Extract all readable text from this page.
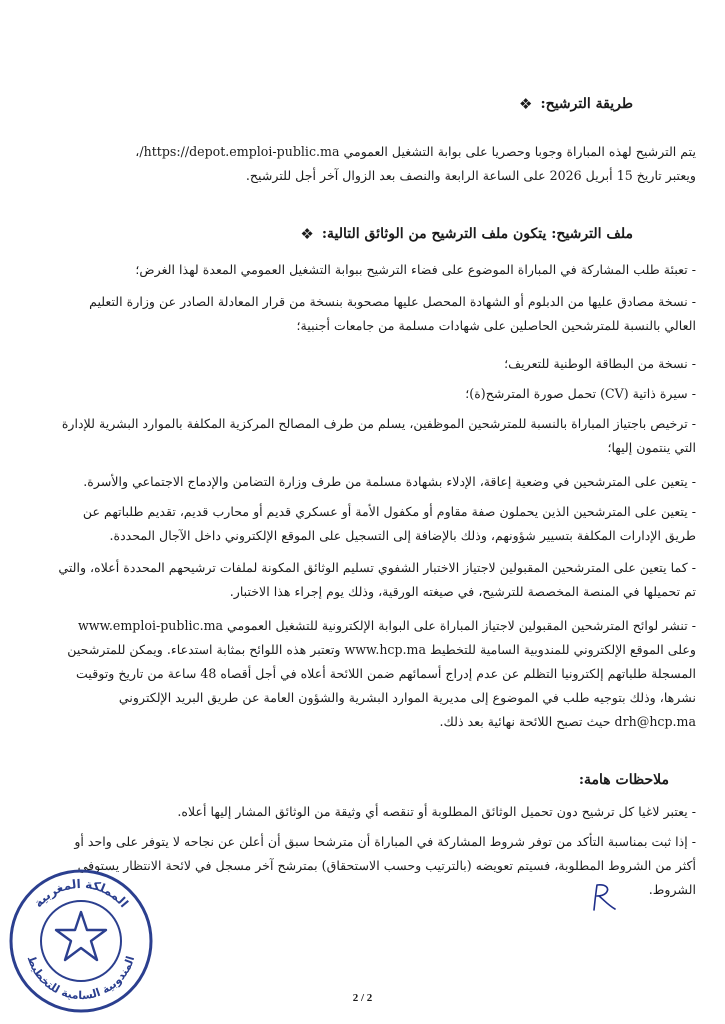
❖ طريقة الترشيح:
يتم الترشيح لهذه المباراة وجوبا وحصريا على بوابة التشغيل العمومي https://depot.emploi-public.ma/،
ويعتبر تاريخ 15 أبريل 2026 على الساعة الرابعة والنصف بعد الزوال آخر أجل للترشيح.
❖ ملف الترشيح: يتكون ملف الترشيح من الوثائق التالية:
- تعبئة طلب المشاركة في المباراة الموضوع على فضاء الترشيح ببوابة التشغيل العمومي المعدة لهذا الغرض؛
- نسخة مصادق عليها من الدبلوم أو الشهادة المحصل عليها مصحوبة بنسخة من قرار المعادلة الصادر عن وزارة التعليم
العالي بالنسبة للمترشحين الحاصلين على شهادات مسلمة من جامعات أجنبية؛
- نسخة من البطاقة الوطنية للتعريف؛
- سيرة ذاتية (CV) تحمل صورة المترشح(ة)؛
- ترخيص باجتياز المباراة بالنسبة للمترشحين الموظفين، يسلم من طرف المصالح المركزية المكلفة بالموارد البشرية للإدارة
التي ينتمون إليها؛
- يتعين على المترشحين في وضعية إعاقة، الإدلاء بشهادة مسلمة من طرف وزارة التضامن والإدماج الاجتماعي والأسرة.
- يتعين على المترشحين الذين يحملون صفة مقاوم أو مكفول الأمة أو عسكري قديم أو محارب قديم، تقديم طلباتهم عن
طريق الإدارات المكلفة بتسيير شؤونهم، وذلك بالإضافة إلى التسجيل على الموقع الإلكتروني داخل الآجال المحددة.
- كما يتعين على المترشحين المقبولين لاجتياز الاختبار الشفوي تسليم الوثائق المكونة لملفات ترشيحهم المحددة أعلاه، والتي
تم تحميلها في المنصة المخصصة للترشيح، في صيغته الورقية، وذلك يوم إجراء هذا الاختبار.
- تنشر لوائح المترشحين المقبولين لاجتياز المباراة على البوابة الإلكترونية للتشغيل العمومي www.emploi-public.ma
وعلى الموقع الإلكتروني للمندوبية السامية للتخطيط www.hcp.ma وتعتبر هذه اللوائح بمثابة استدعاء. ويمكن للمترشحين
المسجلة طلباتهم إلكترونيا التظلم عن عدم إدراج أسمائهم ضمن اللائحة أعلاه في أجل أقصاه 48 ساعة من تاريخ وتوقيت
نشرها، وذلك بتوجيه طلب في الموضوع إلى مديرية الموارد البشرية والشؤون العامة عن طريق البريد الإلكتروني
drh@hcp.ma حيث تصبح اللائحة نهائية بعد ذلك.
ملاحظات هامة:
- يعتبر لاغيا كل ترشيح دون تحميل الوثائق المطلوبة أو تنقصه أي وثيقة من الوثائق المشار إليها أعلاه.
- إذا ثبت بمناسبة التأكد من توفر شروط المشاركة في المباراة أن مترشحا سبق أن أعلن عن نجاحه لا يتوفر على واحد أو
أكثر من الشروط المطلوبة، فسيتم تعويضه (بالترتيب وحسب الاستحقاق) بمترشح آخر مسجل في لائحة الانتظار يستوفي
الشروط.
المملكة المغربية
المندوبية السامية للتخطيط
2 / 2
